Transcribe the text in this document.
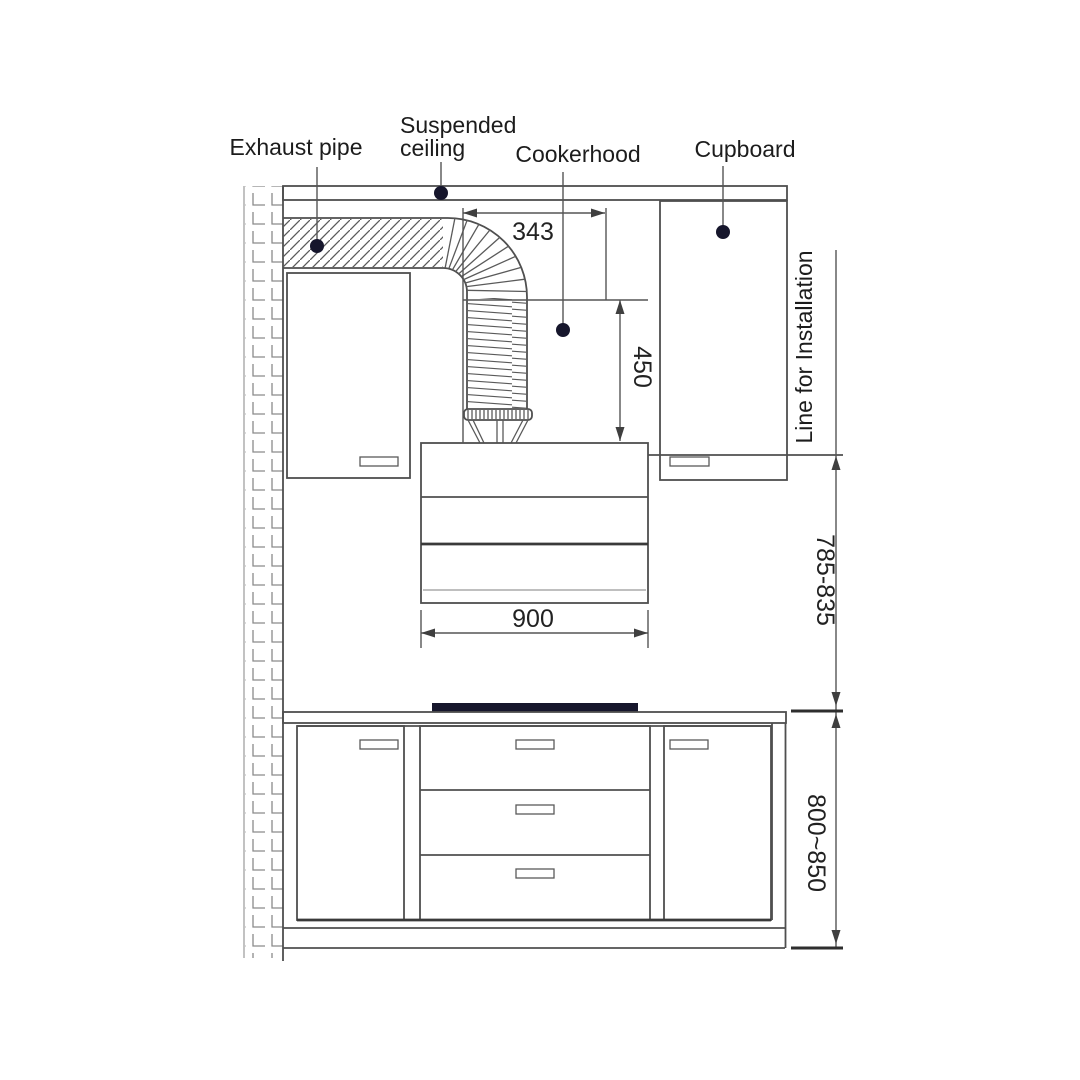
343
450
900
Line for Installation
785-835
800~850
Exhaust pipe
Suspended
ceiling Cookerhood Cupboard
